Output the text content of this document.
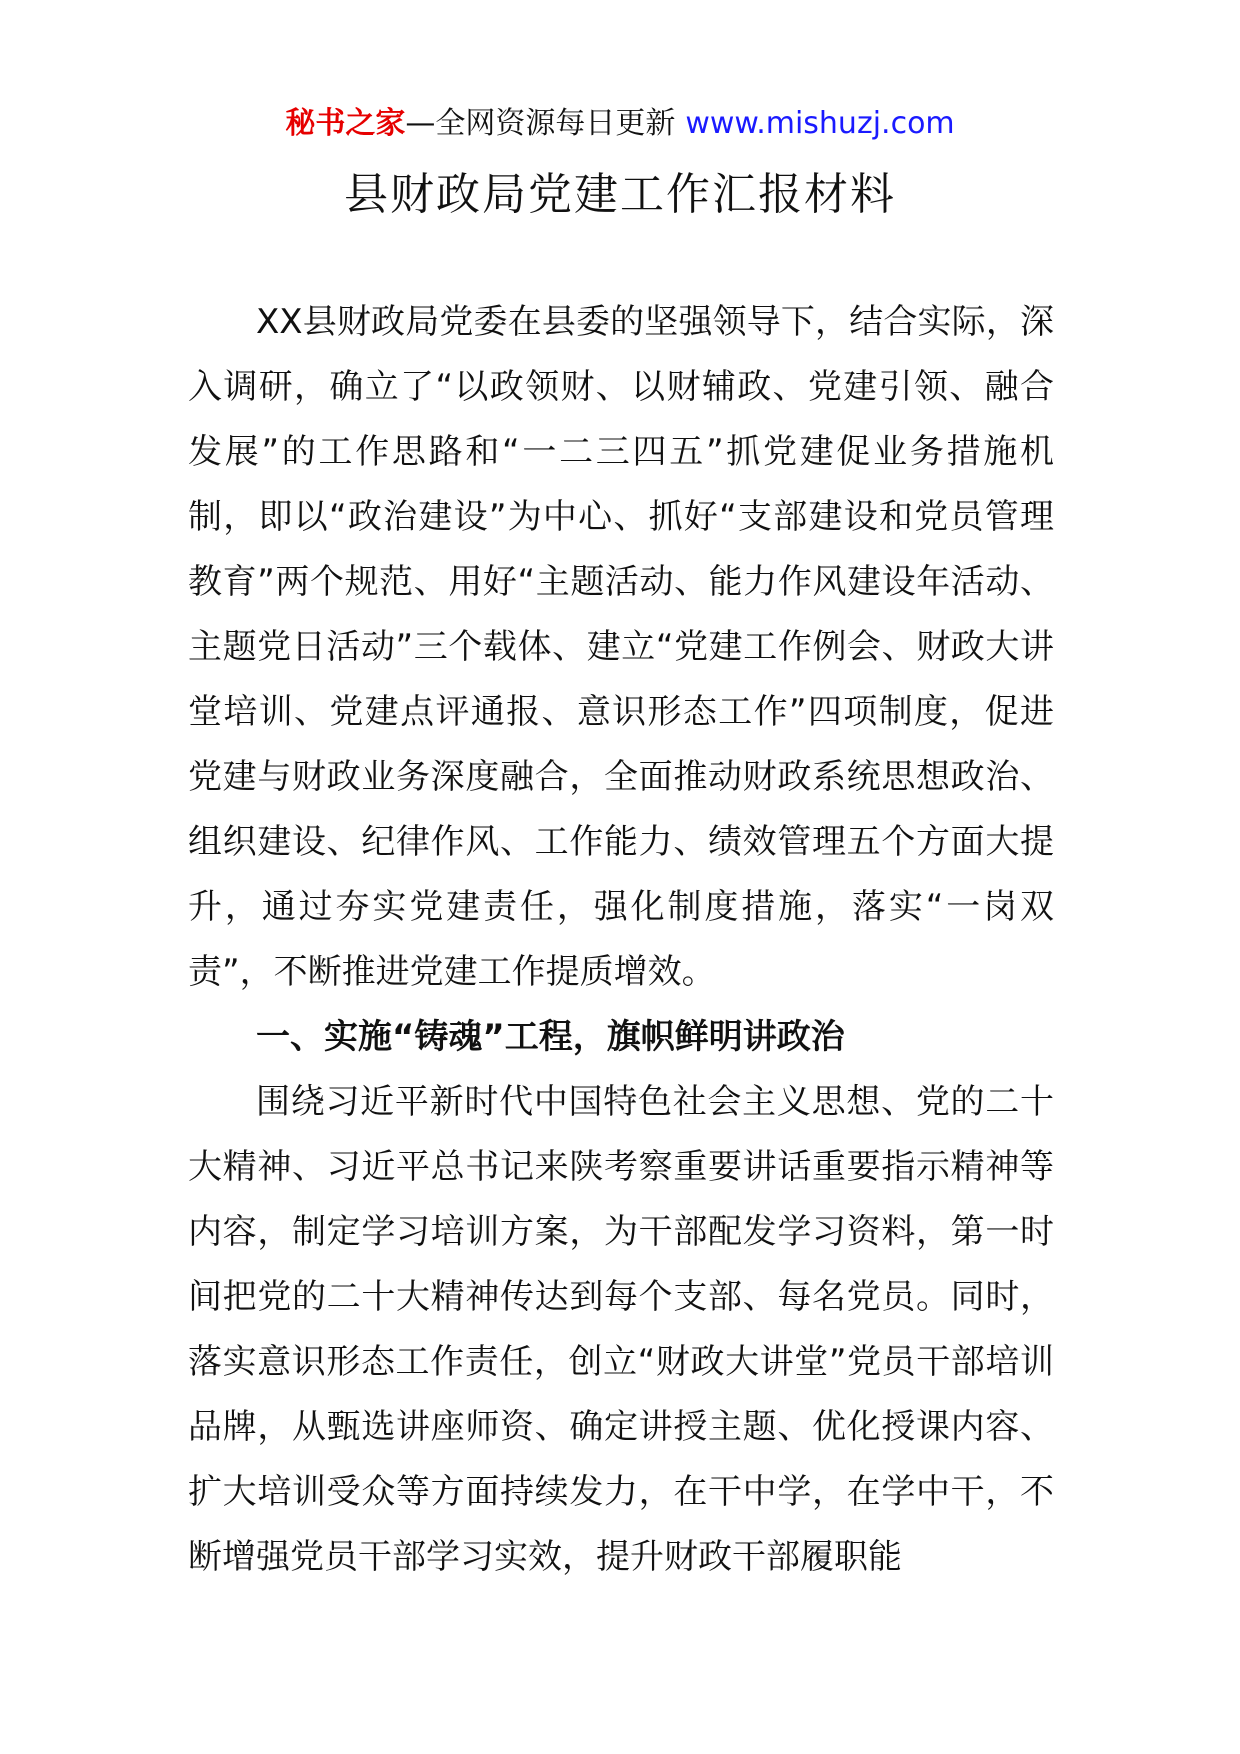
秘书之家—全网资源每日更新 www.mishuzj.com
县财政局党建工作汇报材料

XX县财政局党委在县委的坚强领导下，结合实际，深入调研，确立了“以政领财、以财辅政、党建引领、融合发展”的工作思路和“一二三四五”抓党建促业务措施机制，即以“政治建设”为中心、抓好“支部建设和党员管理教育”两个规范、用好“主题活动、能力作风建设年活动、主题党日活动”三个载体、建立“党建工作例会、财政大讲堂培训、党建点评通报、意识形态工作”四项制度，促进党建与财政业务深度融合，全面推动财政系统思想政治、组织建设、纪律作风、工作能力、绩效管理五个方面大提升，通过夯实党建责任，强化制度措施，落实“一岗双责”，不断推进党建工作提质增效。

一、实施“铸魂”工程，旗帜鲜明讲政治

围绕习近平新时代中国特色社会主义思想、党的二十大精神、习近平总书记来陕考察重要讲话重要指示精神等内容，制定学习培训方案，为干部配发学习资料，第一时间把党的二十大精神传达到每个支部、每名党员。同时，落实意识形态工作责任，创立“财政大讲堂”党员干部培训品牌，从甄选讲座师资、确定讲授主题、优化授课内容、扩大培训受众等方面持续发力，在干中学，在学中干，不断增强党员干部学习实效，提升财政干部履职能
